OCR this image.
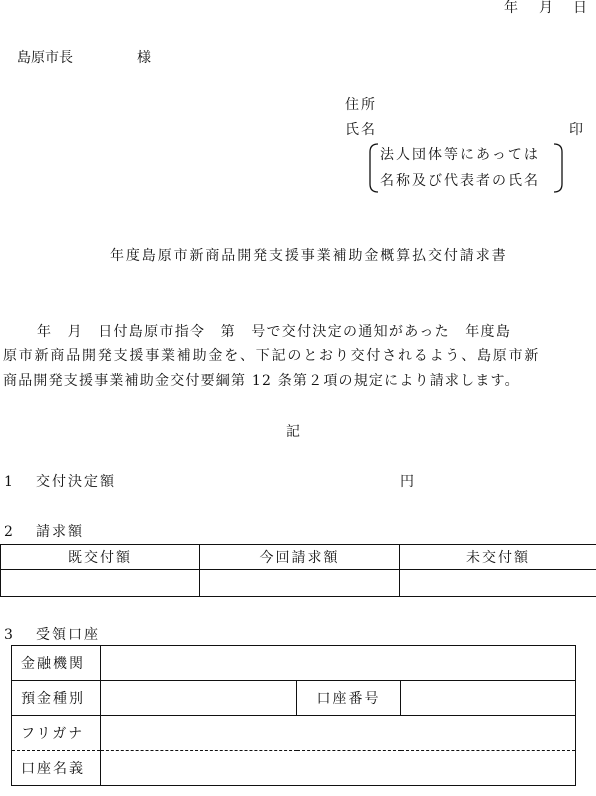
年 月 日
島原市長	様
住所
氏名	印
法人団体等にあっては
名称及び代表者の氏名
年度島原市新商品開発支援事業補助金概算払交付請求書
年　月　日付島原市指令　第　号で交付決定の通知があった　年度島
原市新商品開発支援事業補助金を、下記のとおり交付されるよう、島原市新
商品開発支援事業補助金交付要綱第 12 条第２項の規定により請求します。
記
1 交付決定額	円
2 請求額
既交付額	今回請求額	未交付額

3 受領口座
金融機関			
預金種別		口座番号	
フリガナ			
口座名義			
